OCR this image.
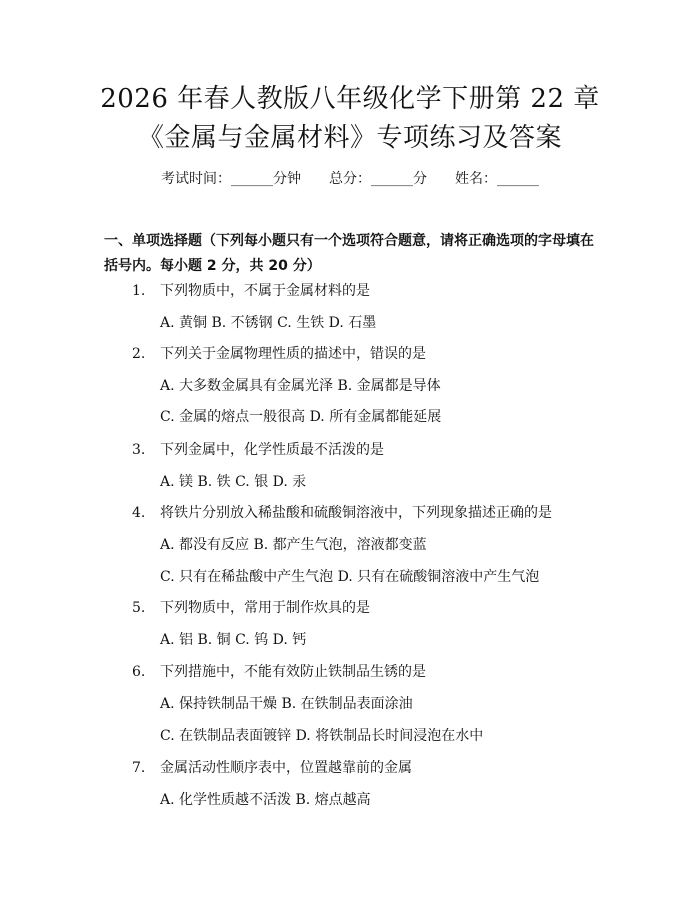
2026 年春人教版八年级化学下册第 22 章
《金属与金属材料》专项练习及答案
考试时间：______分钟 总分：______分 姓名：______
一、单项选择题（下列每小题只有一个选项符合题意，请将正确选项的字母填在括号内。每小题 2 分，共 20 分）
1. 下列物质中，不属于金属材料的是
A. 黄铜 B. 不锈钢 C. 生铁 D. 石墨
2. 下列关于金属物理性质的描述中，错误的是
A. 大多数金属具有金属光泽 B. 金属都是导体
C. 金属的熔点一般很高 D. 所有金属都能延展
3. 下列金属中，化学性质最不活泼的是
A. 镁 B. 铁 C. 银 D. 汞
4. 将铁片分别放入稀盐酸和硫酸铜溶液中，下列现象描述正确的是
A. 都没有反应 B. 都产生气泡，溶液都变蓝
C. 只有在稀盐酸中产生气泡 D. 只有在硫酸铜溶液中产生气泡
5. 下列物质中，常用于制作炊具的是
A. 铝 B. 铜 C. 钨 D. 钙
6. 下列措施中，不能有效防止铁制品生锈的是
A. 保持铁制品干燥 B. 在铁制品表面涂油
C. 在铁制品表面镀锌 D. 将铁制品长时间浸泡在水中
7. 金属活动性顺序表中，位置越靠前的金属
A. 化学性质越不活泼 B. 熔点越高
